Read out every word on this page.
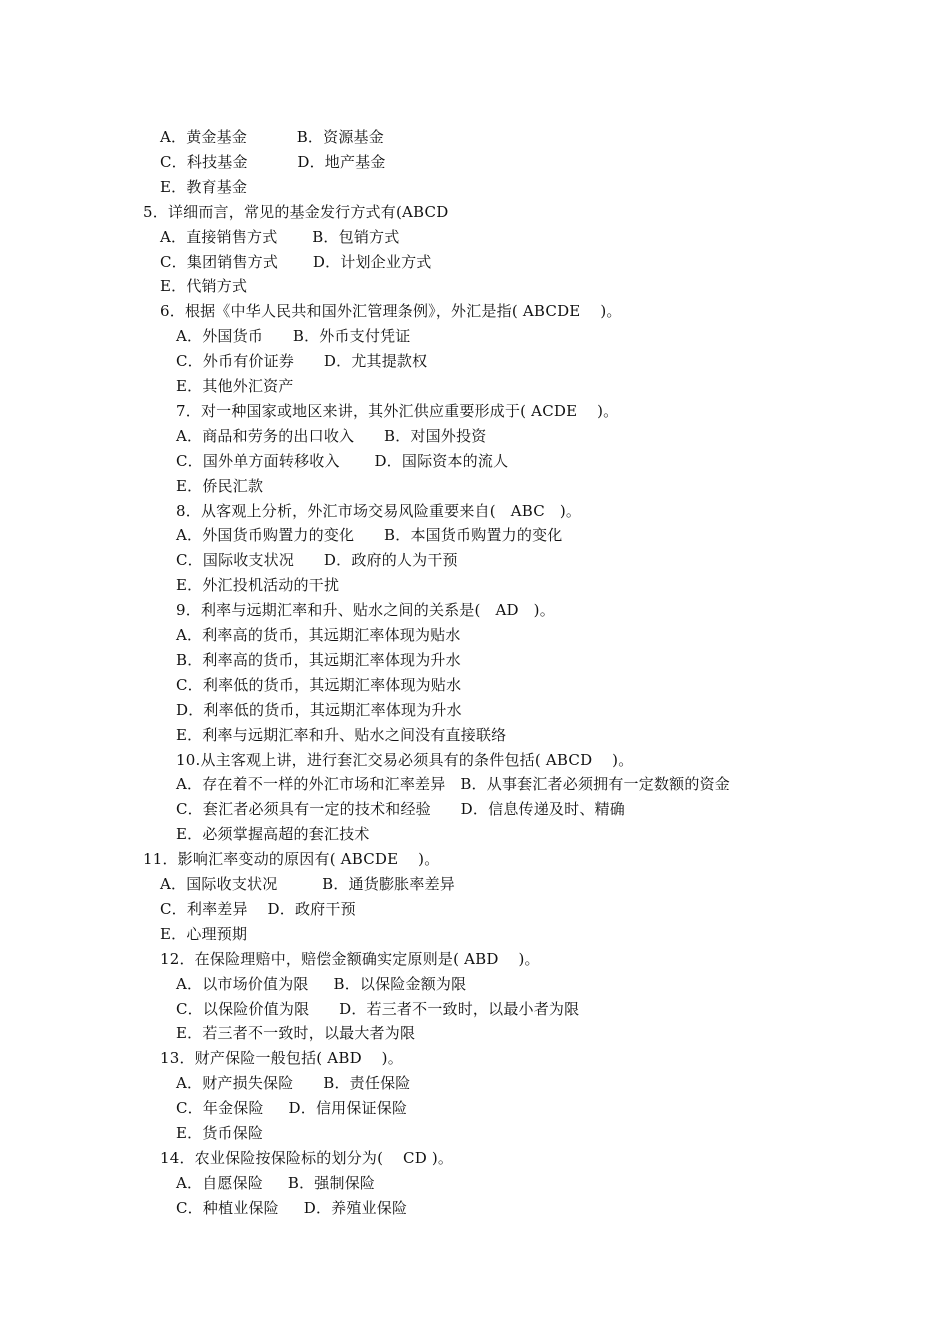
A．黄金基金          B．资源基金
C．科技基金          D．地产基金
E．教育基金
5．详细而言，常见的基金发行方式有(ABCD
A．直接销售方式       B．包销方式
C．集团销售方式       D．计划企业方式
E．代销方式
6．根据《中华人民共和国外汇管理条例》，外汇是指( ABCDE    )。
A．外国货币      B．外币支付凭证
C．外币有价证券      D．尤其提款权
E．其他外汇资产
7．对一种国家或地区来讲，其外汇供应重要形成于( ACDE    )。
A．商品和劳务的出口收入      B．对国外投资
C．国外单方面转移收入       D．国际资本的流人
E．侨民汇款
8．从客观上分析，外汇市场交易风险重要来自(   ABC   )。
A．外国货币购置力的变化      B．本国货币购置力的变化
C．国际收支状况      D．政府的人为干预
E．外汇投机活动的干扰
9．利率与远期汇率和升、贴水之间的关系是(   AD   )。
A．利率高的货币，其远期汇率体现为贴水
B．利率高的货币，其远期汇率体现为升水
C．利率低的货币，其远期汇率体现为贴水
D．利率低的货币，其远期汇率体现为升水
E．利率与远期汇率和升、贴水之间没有直接联络
10.从主客观上讲，进行套汇交易必须具有的条件包括( ABCD    )。
A．存在着不一样的外汇市场和汇率差异   B．从事套汇者必须拥有一定数额的资金
C．套汇者必须具有一定的技术和经验      D．信息传递及时、精确
E．必须掌握高超的套汇技术
11．影响汇率变动的原因有( ABCDE    )。
A．国际收支状况         B．通货膨胀率差异
C．利率差异    D．政府干预
E．心理预期
12．在保险理赔中，赔偿金额确实定原则是( ABD    )。
A．以市场价值为限     B．以保险金额为限
C．以保险价值为限      D．若三者不一致时，以最小者为限
E．若三者不一致时，以最大者为限
13．财产保险一般包括( ABD    )。
A．财产损失保险      B．责任保险
C．年金保险     D．信用保证保险
E．货币保险
14．农业保险按保险标的划分为(    CD )。
A．自愿保险     B．强制保险
C．种植业保险     D．养殖业保险
